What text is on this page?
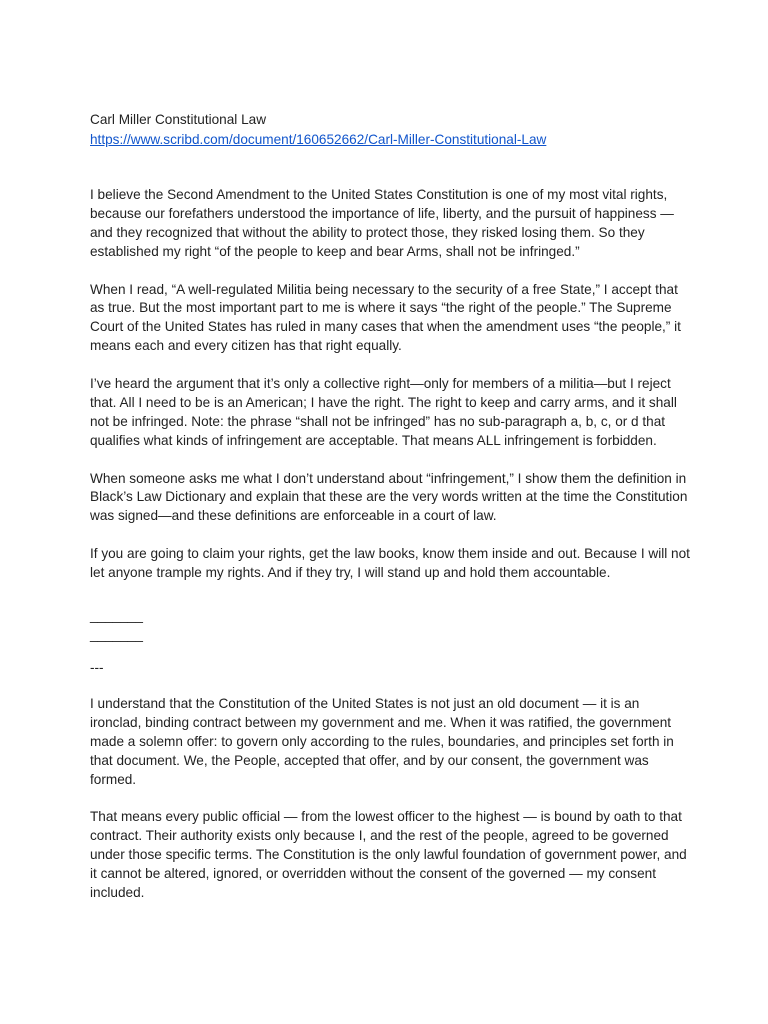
Carl Miller Constitutional Law

https://www.scribd.com/document/160652662/Carl-Miller-Constitutional-Law

I believe the Second Amendment to the United States Constitution is one of my most vital rights, because our forefathers understood the importance of life, liberty, and the pursuit of happiness — and they recognized that without the ability to protect those, they risked losing them. So they established my right “of the people to keep and bear Arms, shall not be infringed.”

When I read, “A well-regulated Militia being necessary to the security of a free State,” I accept that as true. But the most important part to me is where it says “the right of the people.” The Supreme Court of the United States has ruled in many cases that when the amendment uses “the people,” it means each and every citizen has that right equally.

I’ve heard the argument that it’s only a collective right—only for members of a militia—but I reject that. All I need to be is an American; I have the right. The right to keep and carry arms, and it shall not be infringed. Note: the phrase “shall not be infringed” has no sub-paragraph a, b, c, or d that qualifies what kinds of infringement are acceptable. That means ALL infringement is forbidden.

When someone asks me what I don’t understand about “infringement,” I show them the definition in Black’s Law Dictionary and explain that these are the very words written at the time the Constitution was signed—and these definitions are enforceable in a court of law.

If you are going to claim your rights, get the law books, know them inside and out. Because I will not let anyone trample my rights. And if they try, I will stand up and hold them accountable.

_______

_______

---

I understand that the Constitution of the United States is not just an old document — it is an ironclad, binding contract between my government and me. When it was ratified, the government made a solemn offer: to govern only according to the rules, boundaries, and principles set forth in that document. We, the People, accepted that offer, and by our consent, the government was formed.

That means every public official — from the lowest officer to the highest — is bound by oath to that contract. Their authority exists only because I, and the rest of the people, agreed to be governed under those specific terms. The Constitution is the only lawful foundation of government power, and it cannot be altered, ignored, or overridden without the consent of the governed — my consent included.
